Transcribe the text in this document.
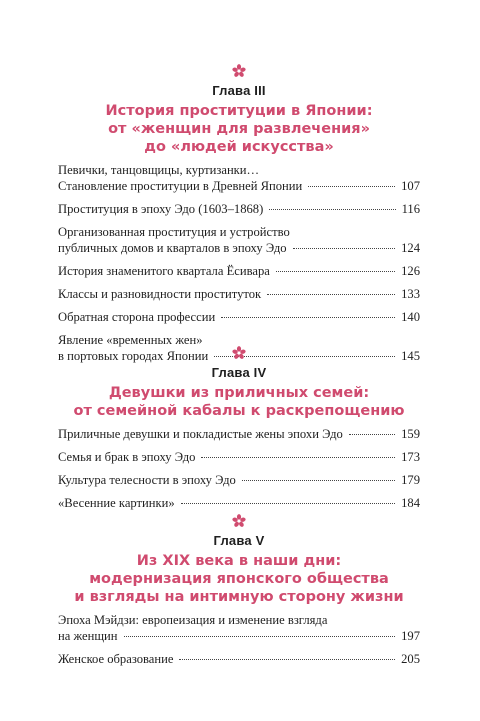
Глава III
История проституции в Японии:
от «женщин для развлечения»
до «людей искусства»
Певички, танцовщицы, куртизанки…
Становление проституции в Древней Японии	107
Проституция в эпоху Эдо (1603–1868)	116
Организованная проституция и устройство
публичных домов и кварталов в эпоху Эдо	124
История знаменитого квартала Ёсивара	126
Классы и разновидности проституток	133
Обратная сторона профессии	140
Явление «временных жен»
в портовых городах Японии	145
Глава IV
Девушки из приличных семей:
от семейной кабалы к раскрепощению
Приличные девушки и покладистые жены эпохи Эдо	159
Семья и брак в эпоху Эдо	173
Культура телесности в эпоху Эдо	179
«Весенние картинки»	184
Глава V
Из XIX века в наши дни:
модернизация японского общества
и взгляды на интимную сторону жизни
Эпоха Мэйдзи: европеизация и изменение взгляда
на женщин	197
Женское образование	205
